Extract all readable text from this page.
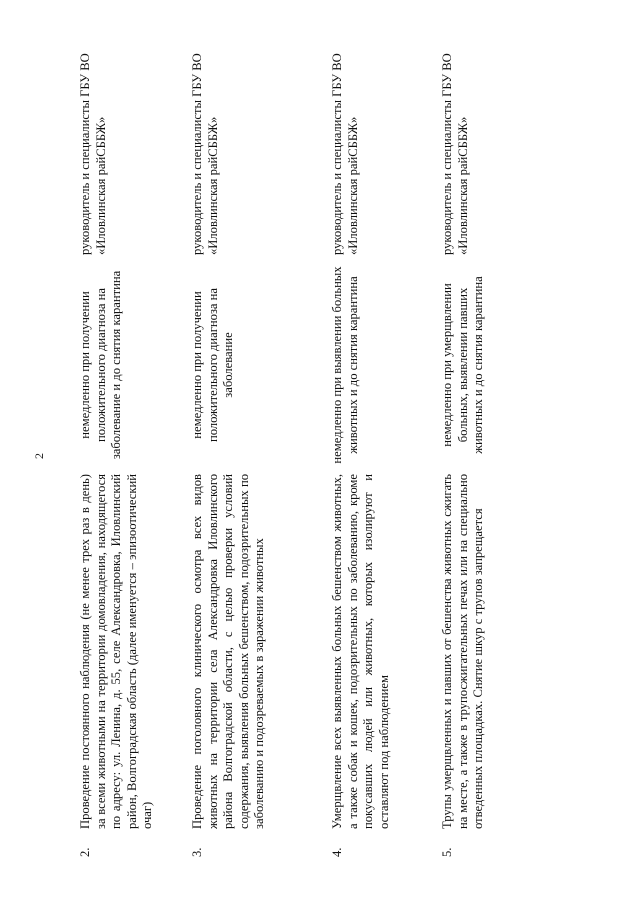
2
2.
Проведение постоянного наблюдения (не менее трех раз в день) за всеми животными на территории домовладения, находящегося по адресу: ул. Ленина, д. 55, селе Александровка, Иловлинский район, Волгоградская область (далее именуется – эпизоотический очаг)
немедленно при получении положительного диагноза на заболевание и до снятия карантина
руководитель и специалисты ГБУ ВО «Иловлинская райСББЖ»
3.
Проведение поголовного клинического осмотра всех видов животных на территории села Александровка Иловлинского района Волгоградской области, с целью проверки условий содержания, выявления больных бешенством, подозрительных по заболеванию и подозреваемых в заражении животных
немедленно при получении положительного диагноза на заболевание
руководитель и специалисты ГБУ ВО «Иловлинская райСББЖ»
4.
Умерщвление всех выявленных больных бешенством животных, а также собак и кошек, подозрительных по заболеванию, кроме покусавших людей или животных, которых изолируют и оставляют под наблюдением
немедленно при выявлении больных животных и до снятия карантина
руководитель и специалисты ГБУ ВО «Иловлинская райСББЖ»
5.
Трупы умерщвленных и павших от бешенства животных сжигать на месте, а также в трупосжигательных печах или на специально отведенных площадках. Снятие шкур с трупов запрещается
немедленно при умерщвлении больных, выявлении павших животных и до снятия карантина
руководитель и специалисты ГБУ ВО «Иловлинская райСББЖ»
